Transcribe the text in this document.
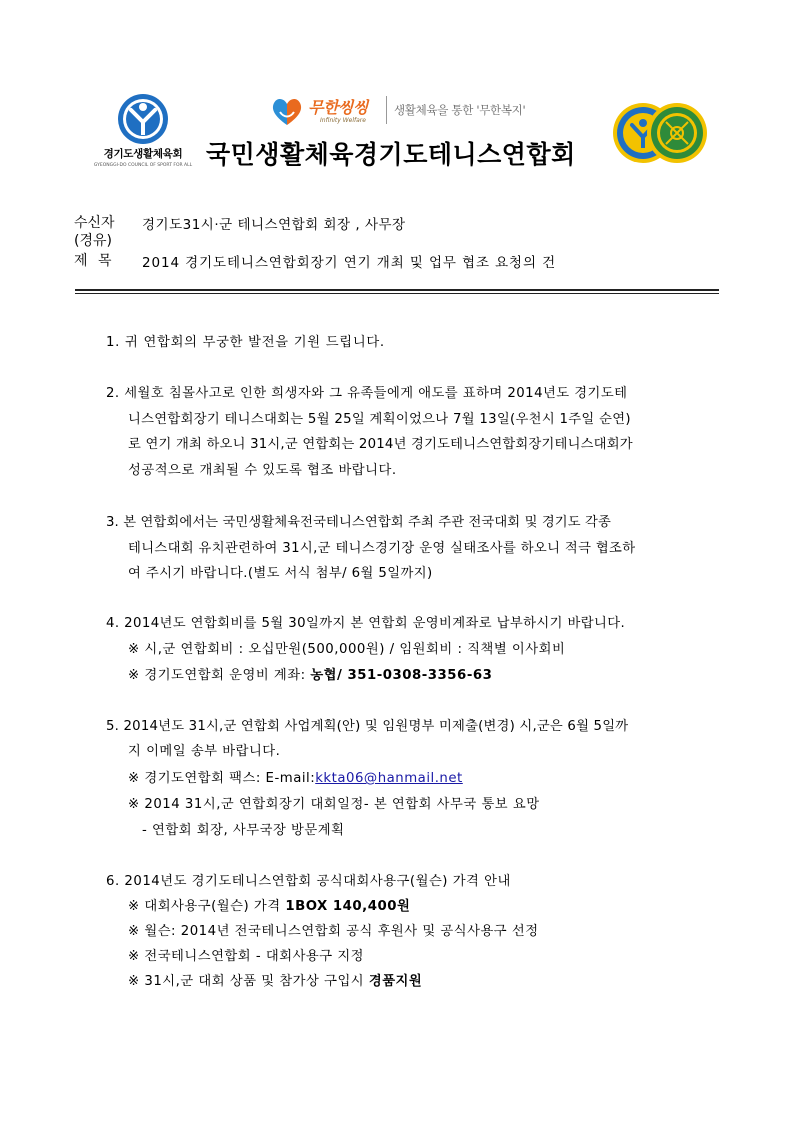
경기도생활체육회
GYEONGGI-DO COUNCIL OF SPORT FOR ALL
무한씽씽
Infinity Welfare
생활체육을 통한 '무한복지'
국민생활체육경기도테니스연합회
수신자 경기도31시·군 테니스연합회 회장 , 사무장
(경유)
제 목 2014 경기도테니스연합회장기 연기 개최 및 업무 협조 요청의 건
1. 귀 연합회의 무궁한 발전을 기원 드립니다.
2. 세월호 침몰사고로 인한 희생자와 그 유족들에게 애도를 표하며 2014년도 경기도테
니스연합회장기 테니스대회는 5월 25일 계획이었으나 7월 13일(우천시 1주일 순연)
로 연기 개최 하오니 31시,군 연합회는 2014년 경기도테니스연합회장기테니스대회가
성공적으로 개최될 수 있도록 협조 바랍니다.
3. 본 연합회에서는 국민생활체육전국테니스연합회 주최 주관 전국대회 및 경기도 각종
테니스대회 유치관련하여 31시,군 테니스경기장 운영 실태조사를 하오니 적극 협조하
여 주시기 바랍니다.(별도 서식 첨부/ 6월 5일까지)
4. 2014년도 연합회비를 5월 30일까지 본 연합회 운영비계좌로 납부하시기 바랍니다.
※ 시,군 연합회비 : 오십만원(500,000원) / 임원회비 : 직책별 이사회비
※ 경기도연합회 운영비 계좌: 농협/ 351-0308-3356-63
5. 2014년도 31시,군 연합회 사업계획(안) 및 임원명부 미제출(변경) 시,군은 6월 5일까
지 이메일 송부 바랍니다.
※ 경기도연합회 팩스: E-mail:kkta06@hanmail.net
※ 2014 31시,군 연합회장기 대회일정- 본 연합회 사무국 통보 요망
- 연합회 회장, 사무국장 방문계획
6. 2014년도 경기도테니스연합회 공식대회사용구(월슨) 가격 안내
※ 대회사용구(월슨) 가격 1BOX 140,400원
※ 월슨: 2014년 전국테니스연합회 공식 후원사 및 공식사용구 선정
※ 전국테니스연합회 - 대회사용구 지정
※ 31시,군 대회 상품 및 참가상 구입시 경품지원
